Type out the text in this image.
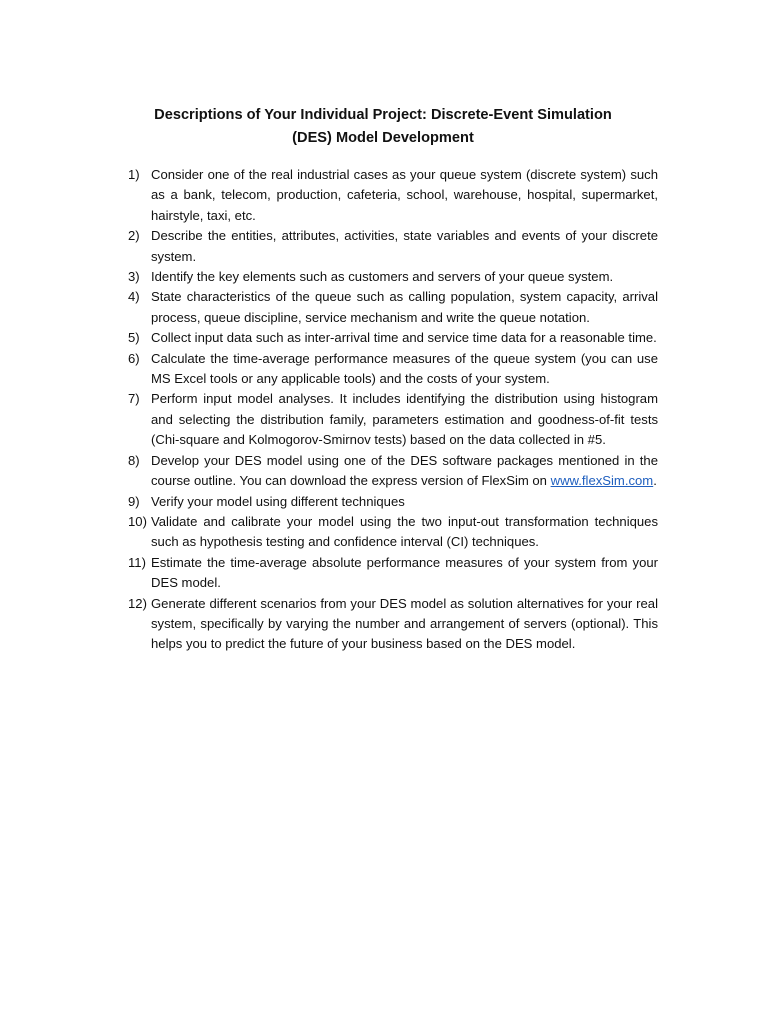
Descriptions of Your Individual Project: Discrete-Event Simulation
(DES) Model Development
1) Consider one of the real industrial cases as your queue system (discrete system) such as a bank, telecom, production, cafeteria, school, warehouse, hospital, supermarket, hairstyle, taxi, etc.
2) Describe the entities, attributes, activities, state variables and events of your discrete system.
3) Identify the key elements such as customers and servers of your queue system.
4) State characteristics of the queue such as calling population, system capacity, arrival process, queue discipline, service mechanism and write the queue notation.
5) Collect input data such as inter-arrival time and service time data for a reasonable time.
6) Calculate the time-average performance measures of the queue system (you can use MS Excel tools or any applicable tools) and the costs of your system.
7) Perform input model analyses. It includes identifying the distribution using histogram and selecting the distribution family, parameters estimation and goodness-of-fit tests (Chi-square and Kolmogorov-Smirnov tests) based on the data collected in #5.
8) Develop your DES model using one of the DES software packages mentioned in the course outline. You can download the express version of FlexSim on www.flexSim.com.
9) Verify your model using different techniques
10) Validate and calibrate your model using the two input-out transformation techniques such as hypothesis testing and confidence interval (CI) techniques.
11) Estimate the time-average absolute performance measures of your system from your DES model.
12) Generate different scenarios from your DES model as solution alternatives for your real system, specifically by varying the number and arrangement of servers (optional). This helps you to predict the future of your business based on the DES model.
